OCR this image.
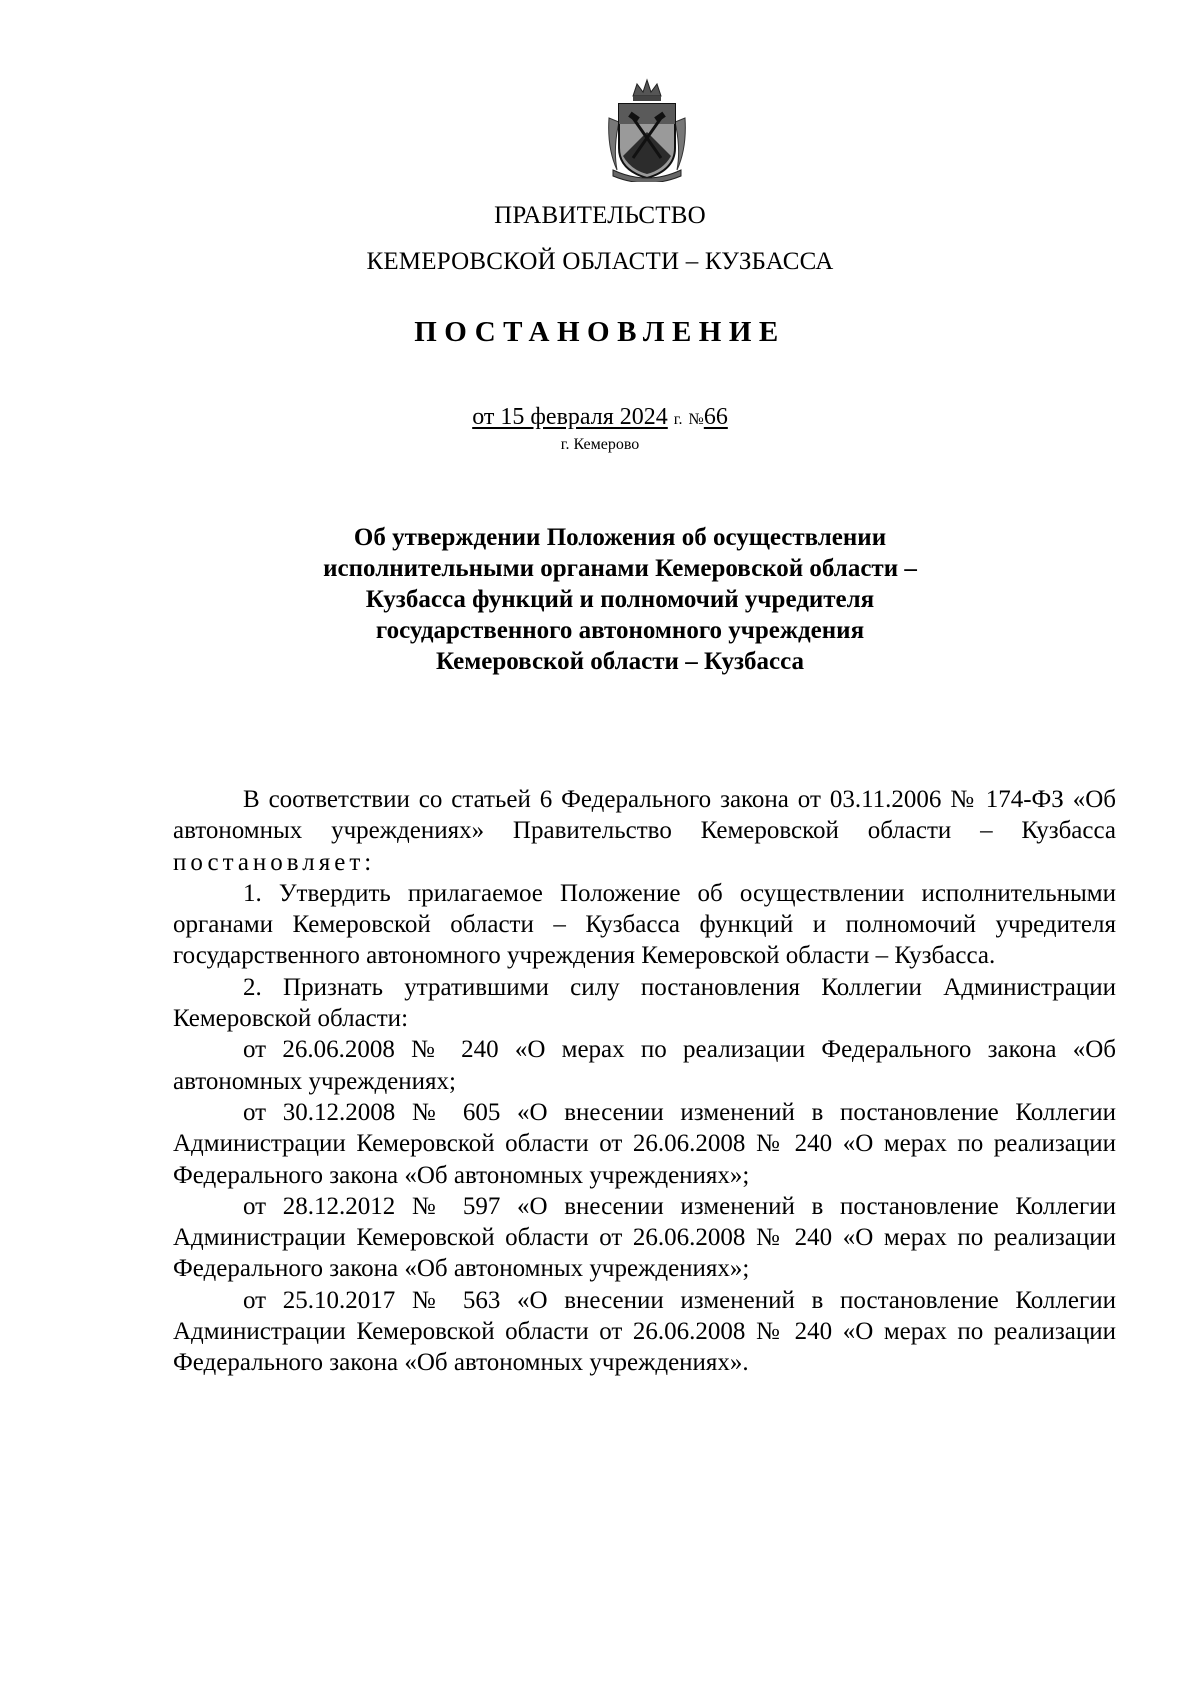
ПРАВИТЕЛЬСТВО
КЕМЕРОВСКОЙ ОБЛАСТИ – КУЗБАССА
ПОСТАНОВЛЕНИЕ
от 15 февраля 2024 г. №66
г. Кемерово
Об утверждении Положения об осуществлении исполнительными органами Кемеровской области – Кузбасса функций и полномочий учредителя государственного автономного учреждения Кемеровской области – Кузбасса

В соответствии со статьей 6 Федерального закона от 03.11.2006 № 174-ФЗ «Об автономных учреждениях» Правительство Кемеровской области – Кузбасса постановляет:

1. Утвердить прилагаемое Положение об осуществлении исполнительными органами Кемеровской области – Кузбасса функций и полномочий учредителя государственного автономного учреждения Кемеровской области – Кузбасса.

2. Признать утратившими силу постановления Коллегии Администрации Кемеровской области:

от 26.06.2008 № 240 «О мерах по реализации Федерального закона «Об автономных учреждениях;

от 30.12.2008 № 605 «О внесении изменений в постановление Коллегии Администрации Кемеровской области от 26.06.2008 № 240 «О мерах по реализации Федерального закона «Об автономных учреждениях»;

от 28.12.2012 № 597 «О внесении изменений в постановление Коллегии Администрации Кемеровской области от 26.06.2008 № 240 «О мерах по реализации Федерального закона «Об автономных учреждениях»;

от 25.10.2017 № 563 «О внесении изменений в постановление Коллегии Администрации Кемеровской области от 26.06.2008 № 240 «О мерах по реализации Федерального закона «Об автономных учреждениях».
